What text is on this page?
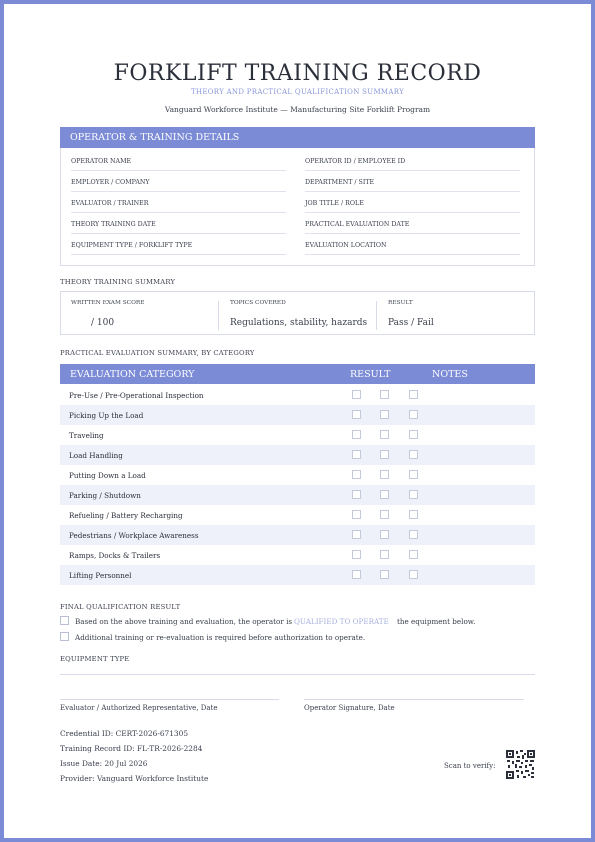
FORKLIFT TRAINING RECORD
THEORY AND PRACTICAL QUALIFICATION SUMMARY
Vanguard Workforce Institute — Manufacturing Site Forklift Program
OPERATOR & TRAINING DETAILS
OPERATOR NAME	OPERATOR ID / EMPLOYEE ID
EMPLOYER / COMPANY	DEPARTMENT / SITE
EVALUATOR / TRAINER	JOB TITLE / ROLE
THEORY TRAINING DATE	PRACTICAL EVALUATION DATE
EQUIPMENT TYPE / FORKLIFT TYPE	EVALUATION LOCATION
THEORY TRAINING SUMMARY
WRITTEN EXAM SCORE
/ 100
TOPICS COVERED
Regulations, stability, hazards
RESULT
Pass / Fail
PRACTICAL EVALUATION SUMMARY, BY CATEGORY
EVALUATION CATEGORY	RESULT	NOTES
Pre-Use / Pre-Operational Inspection
Picking Up the Load
Traveling
Load Handling
Putting Down a Load
Parking / Shutdown
Refueling / Battery Recharging
Pedestrians / Workplace Awareness
Ramps, Docks & Trailers
Lifting Personnel
FINAL QUALIFICATION RESULT
Based on the above training and evaluation, the operator is QUALIFIED TO OPERATE the equipment below.
Additional training or re-evaluation is required before authorization to operate.
EQUIPMENT TYPE
Evaluator / Authorized Representative, Date	Operator Signature, Date
Credential ID: CERT-2026-671305
Training Record ID: FL-TR-2026-2284
Issue Date: 20 Jul 2026
Provider: Vanguard Workforce Institute
Scan to verify:
